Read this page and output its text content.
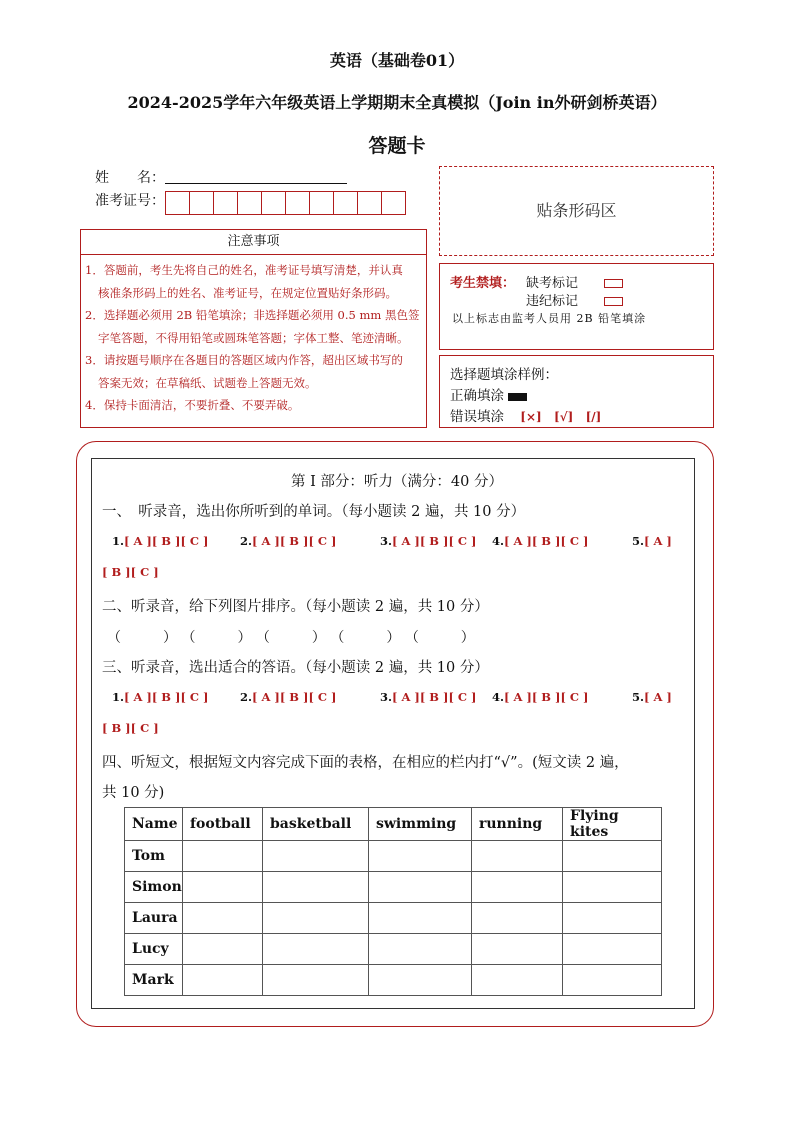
英语（基础卷01）
2024-2025学年六年级英语上学期期末全真模拟（Join in外研剑桥英语）
答题卡
姓　　名：
准考证号：	贴条形码区
注意事项
1．答题前，考生先将自己的姓名，准考证号填写清楚，并认真
核准条形码上的姓名、准考证号，在规定位置贴好条形码。
2．选择题必须用 2B 铅笔填涂；非选择题必须用 0.5 mm 黑色签
字笔答题，不得用铅笔或圆珠笔答题；字体工整、笔迹清晰。
3．请按题号顺序在各题目的答题区域内作答，超出区域书写的
答案无效；在草稿纸、试题卷上答题无效。
4．保持卡面清洁，不要折叠、不要弄破。
考生禁填： 缺考标记
违纪标记
以上标志由监考人员用 2B 铅笔填涂
选择题填涂样例：
正确填涂
错误填涂 [×] [√] [/]
第 I 部分：听力（满分：40 分）
一、　听录音，选出你所听到的单词。（每小题读 2 遍，共 10 分）
1.[ A ][ B ][ C ]	2.[ A ][ B ][ C ]	3.[ A ][ B ][ C ] 4.[ A ][ B ][ C ]	5.[ A ]
[ B ][ C ]
二、听录音，给下列图片排序。（每小题读 2 遍，共 10 分）
（　　　） （　　　） （　　　） （　　　） （　　　）
三、听录音，选出适合的答语。（每小题读 2 遍，共 10 分）
1.[ A ][ B ][ C ]	2.[ A ][ B ][ C ]	3.[ A ][ B ][ C ] 4.[ A ][ B ][ C ]	5.[ A ]
[ B ][ C ]
四、听短文，根据短文内容完成下面的表格，在相应的栏内打“√”。(短文读 2 遍，
共 10 分)
Name	football	basketball	swimming	running	Flying kites
Tom					
Simon					
Laura					
Lucy					
Mark					
